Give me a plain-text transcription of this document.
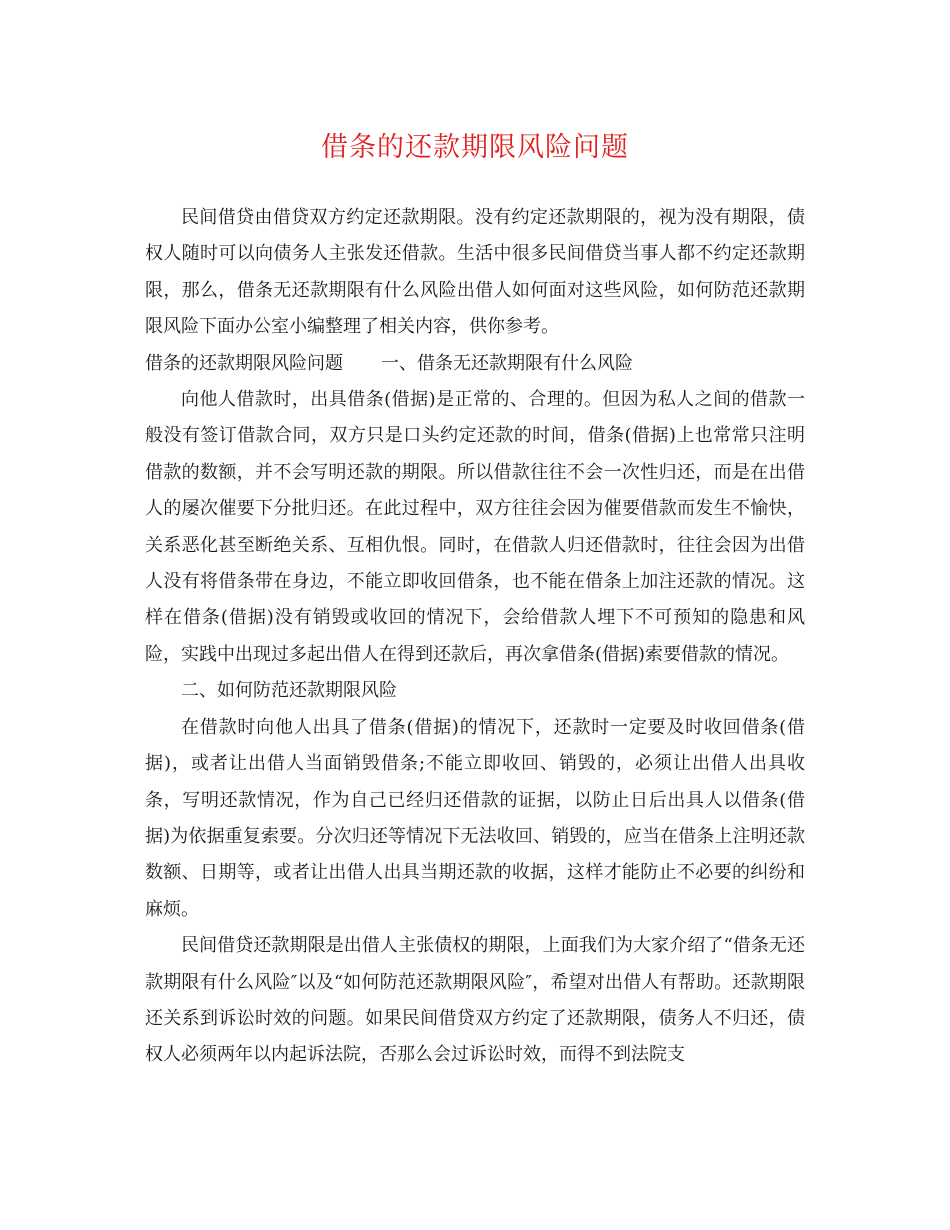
借条的还款期限风险问题

民间借贷由借贷双方约定还款期限。没有约定还款期限的，视为没有期限，债权人随时可以向债务人主张发还借款。生活中很多民间借贷当事人都不约定还款期限，那么，借条无还款期限有什么风险出借人如何面对这些风险，如何防范还款期限风险下面办公室小编整理了相关内容，供你参考。

借条的还款期限风险问题 一、借条无还款期限有什么风险

向他人借款时，出具借条(借据)是正常的、合理的。但因为私人之间的借款一般没有签订借款合同，双方只是口头约定还款的时间，借条(借据)上也常常只注明借款的数额，并不会写明还款的期限。所以借款往往不会一次性归还，而是在出借人的屡次催要下分批归还。在此过程中，双方往往会因为催要借款而发生不愉快，关系恶化甚至断绝关系、互相仇恨。同时，在借款人归还借款时，往往会因为出借人没有将借条带在身边，不能立即收回借条，也不能在借条上加注还款的情况。这样在借条(借据)没有销毁或收回的情况下，会给借款人埋下不可预知的隐患和风险，实践中出现过多起出借人在得到还款后，再次拿借条(借据)索要借款的情况。

二、如何防范还款期限风险

在借款时向他人出具了借条(借据)的情况下，还款时一定要及时收回借条(借据)，或者让出借人当面销毁借条;不能立即收回、销毁的，必须让出借人出具收条，写明还款情况，作为自己已经归还借款的证据，以防止日后出具人以借条(借据)为依据重复索要。分次归还等情况下无法收回、销毁的，应当在借条上注明还款数额、日期等，或者让出借人出具当期还款的收据，这样才能防止不必要的纠纷和麻烦。

民间借贷还款期限是出借人主张债权的期限，上面我们为大家介绍了“借条无还款期限有什么风险″以及“如何防范还款期限风险″，希望对出借人有帮助。还款期限还关系到诉讼时效的问题。如果民间借贷双方约定了还款期限，债务人不归还，债权人必须两年以内起诉法院，否那么会过诉讼时效，而得不到法院支
